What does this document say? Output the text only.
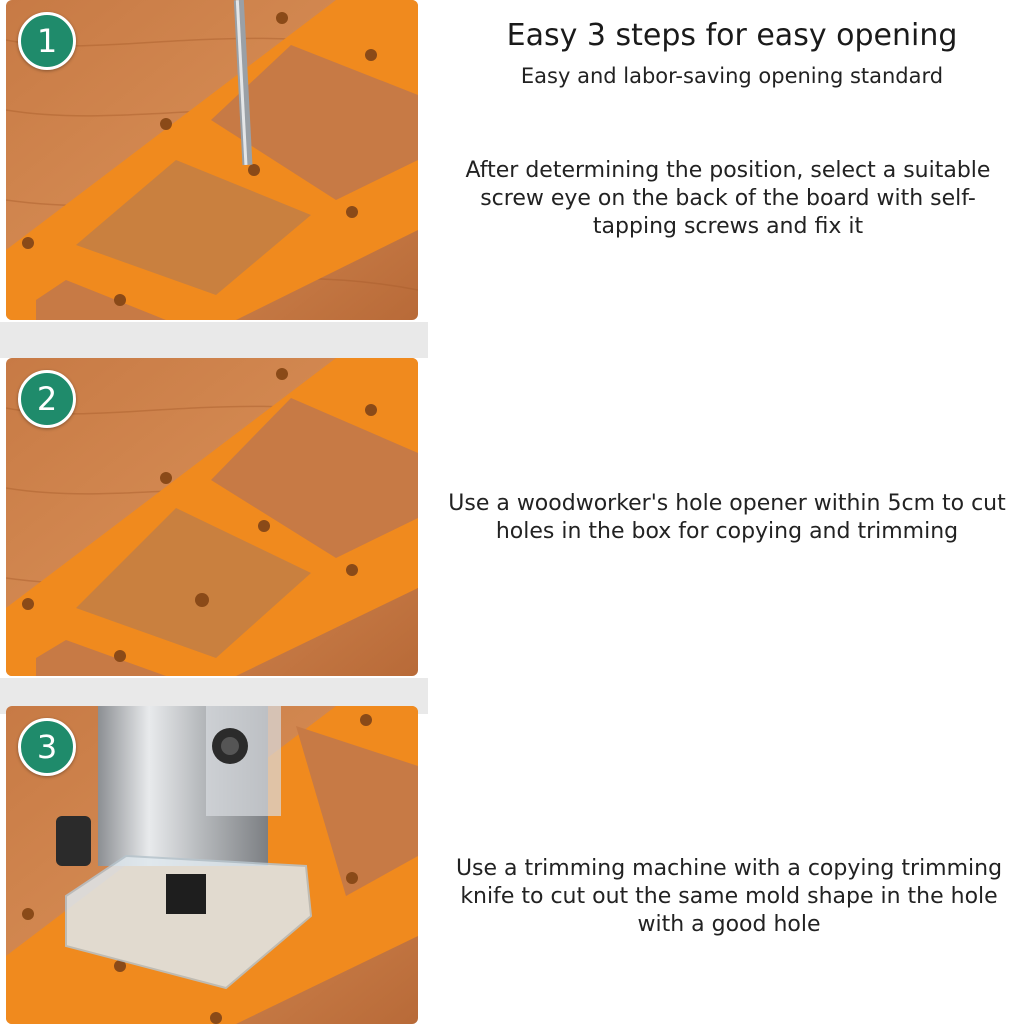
1
2
3
Easy 3 steps for easy opening

Easy and labor-saving opening standard

After determining the position, select a suitable screw eye on the back of the board with self-tapping screws and fix it

Use a woodworker's hole opener within 5cm to cut holes in the box for copying and trimming

Use a trimming machine with a copying trimming knife to cut out the same mold shape in the hole with a good hole
